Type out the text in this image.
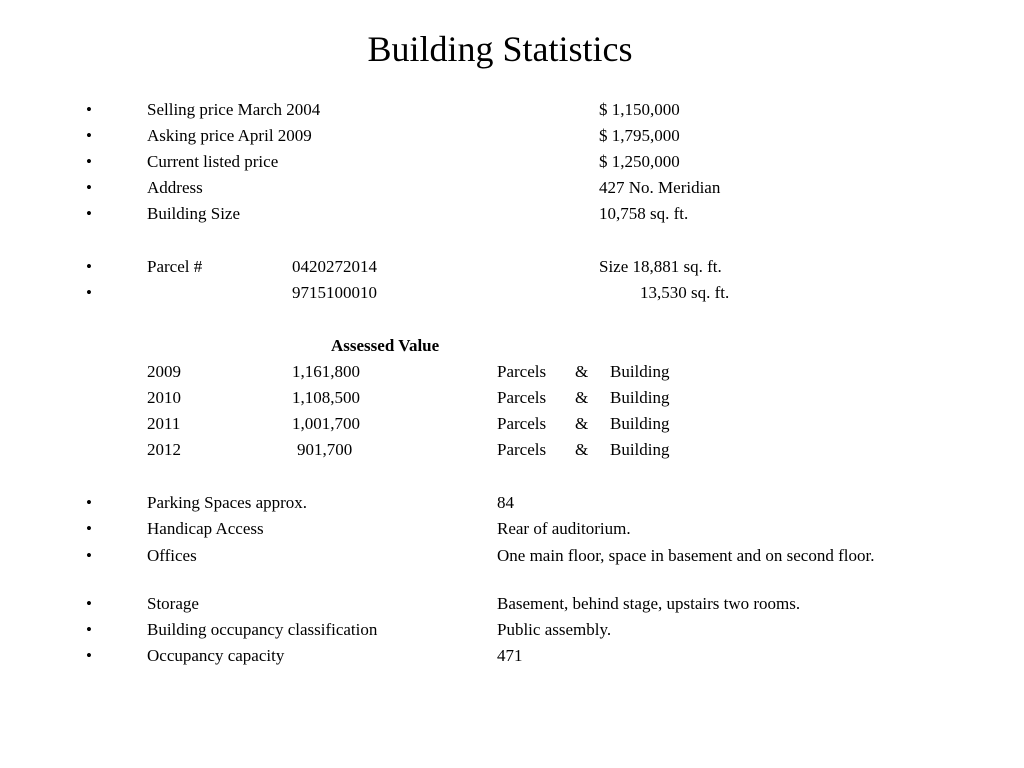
Building Statistics
•	Selling price March 2004	$ 1,150,000
•	Asking price April 2009	$ 1,795,000
•	Current listed price	$ 1,250,000
•	Address	427 No. Meridian
•	Building Size	10,758 sq. ft.
•	Parcel #	0420272014	Size 18,881 sq. ft.
•	9715100010	13,530 sq. ft.
Assessed Value
2009	1,161,800	Parcels & Building
2010	1,108,500	Parcels & Building
2011	1,001,700	Parcels & Building
2012	901,700	Parcels & Building
•	Parking Spaces approx.	84
•	Handicap Access	Rear of auditorium.
•	Offices	One main floor, space in basement and on second floor.
•	Storage	Basement, behind stage, upstairs two rooms.
•	Building occupancy classification	Public assembly.
•	Occupancy capacity	471
